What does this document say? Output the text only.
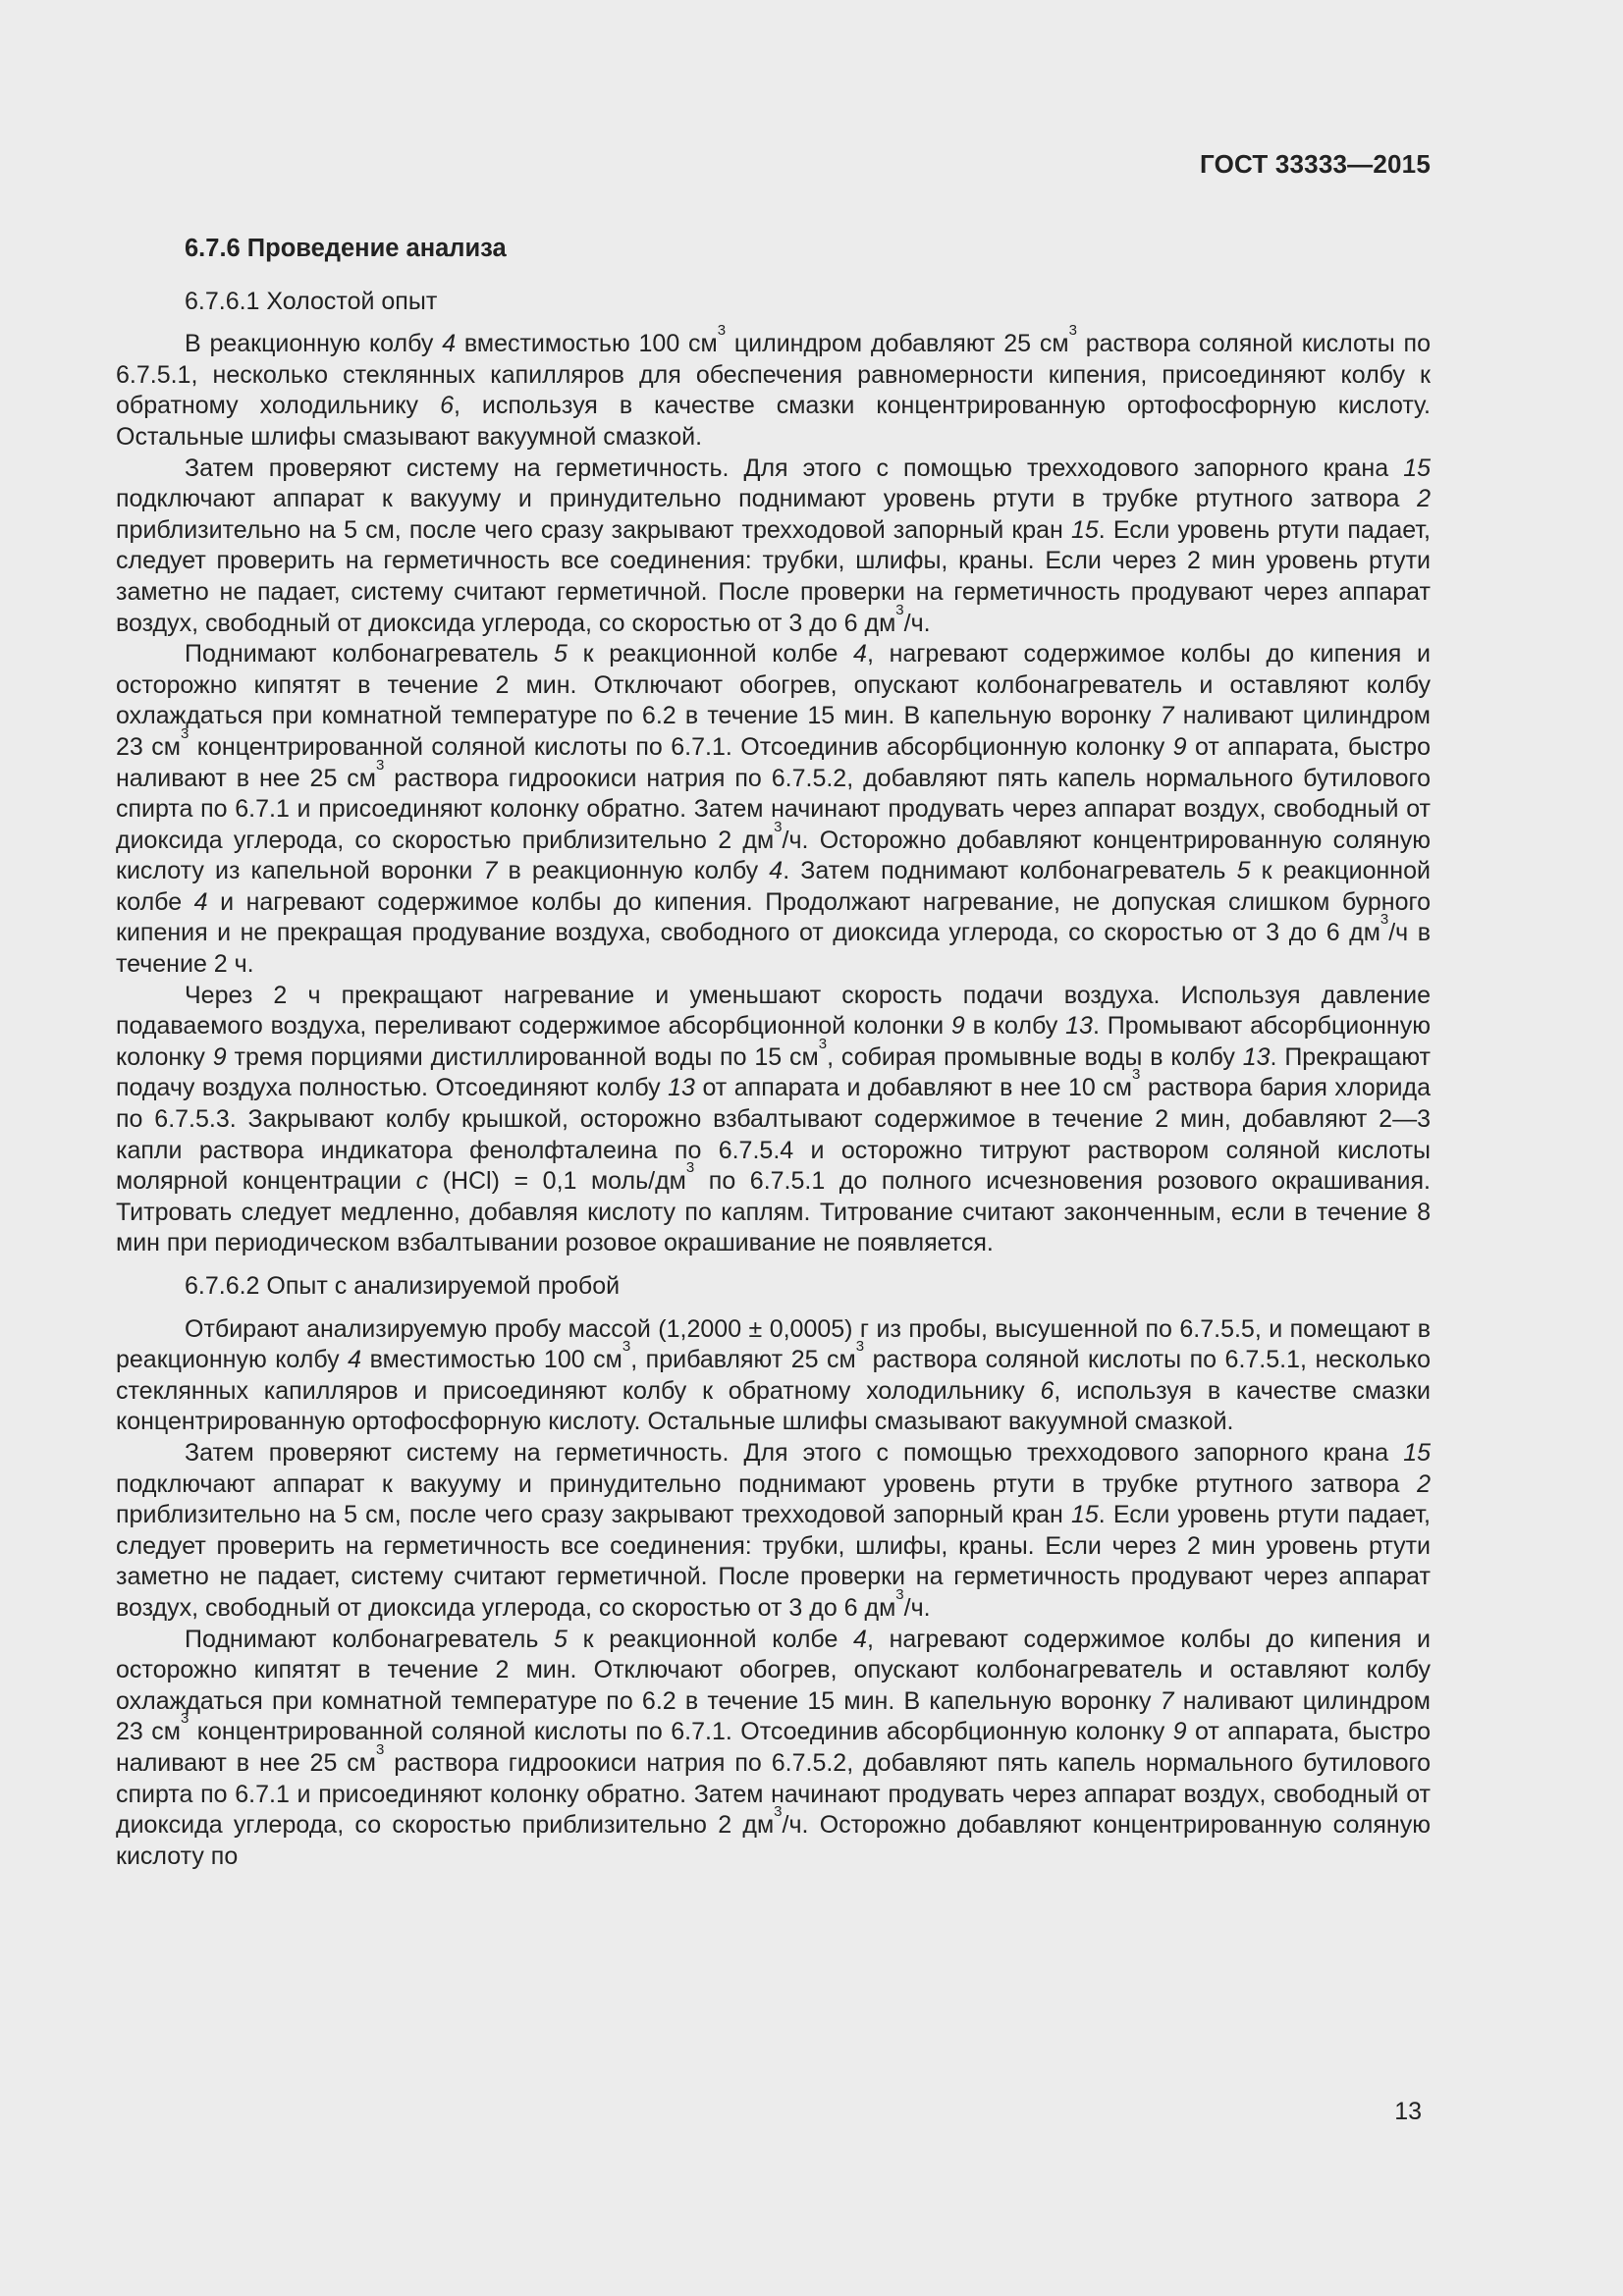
ГОСТ 33333—2015
6.7.6 Проведение анализа
6.7.6.1 Холостой опыт

В реакционную колбу 4 вместимостью 100 $см^3$ цилиндром добавляют 25 $см^3$ раствора соляной кислоты по 6.7.5.1, несколько стеклянных капилляров для обеспечения равномерности кипения, присоединяют колбу к обратному холодильнику 6, используя в качестве смазки концентрированную ортофосфорную кислоту. Остальные шлифы смазывают вакуумной смазкой.

Затем проверяют систему на герметичность. Для этого с помощью трехходового запорного крана 15 подключают аппарат к вакууму и принудительно поднимают уровень ртути в трубке ртутного затвора 2 приблизительно на 5 см, после чего сразу закрывают трехходовой запорный кран 15. Если уровень ртути падает, следует проверить на герметичность все соединения: трубки, шлифы, краны. Если через 2 мин уровень ртути заметно не падает, систему считают герметичной. После проверки на герметичность продувают через аппарат воздух, свободный от диоксида углерода, со скоростью от 3 до 6 $дм^3/ч$.

Поднимают колбонагреватель 5 к реакционной колбе 4, нагревают содержимое колбы до кипения и осторожно кипятят в течение 2 мин. Отключают обогрев, опускают колбонагреватель и оставляют колбу охлаждаться при комнатной температуре по 6.2 в течение 15 мин. В капельную воронку 7 наливают цилиндром 23 $см^3$ концентрированной соляной кислоты по 6.7.1. Отсоединив абсорбционную колонку 9 от аппарата, быстро наливают в нее 25 $см^3$ раствора гидроокиси натрия по 6.7.5.2, добавляют пять капель нормального бутилового спирта по 6.7.1 и присоединяют колонку обратно. Затем начинают продувать через аппарат воздух, свободный от диоксида углерода, со скоростью приблизительно 2 $дм^3/ч$. Осторожно добавляют концентрированную соляную кислоту из капельной воронки 7 в реакционную колбу 4. Затем поднимают колбонагреватель 5 к реакционной колбе 4 и нагревают содержимое колбы до кипения. Продолжают нагревание, не допуская слишком бурного кипения и не прекращая продувание воздуха, свободного от диоксида углерода, со скоростью от 3 до 6 $дм^3/ч$ в течение 2 ч.

Через 2 ч прекращают нагревание и уменьшают скорость подачи воздуха. Используя давление подаваемого воздуха, переливают содержимое абсорбционной колонки 9 в колбу 13. Промывают абсорбционную колонку 9 тремя порциями дистиллированной воды по 15 $см^3$, собирая промывные воды в колбу 13. Прекращают подачу воздуха полностью. Отсоединяют колбу 13 от аппарата и добавляют в нее 10 $см^3$ раствора бария хлорида по 6.7.5.3. Закрывают колбу крышкой, осторожно взбалтывают содержимое в течение 2 мин, добавляют 2—3 капли раствора индикатора фенолфталеина по 6.7.5.4 и осторожно титруют раствором соляной кислоты молярной концентрации c (HCl) = 0,1 моль/$дм^3$ по 6.7.5.1 до полного исчезновения розового окрашивания. Титровать следует медленно, добавляя кислоту по каплям. Титрование считают законченным, если в течение 8 мин при периодическом взбалтывании розовое окрашивание не появляется.

6.7.6.2 Опыт с анализируемой пробой

Отбирают анализируемую пробу массой (1,2000 ± 0,0005) г из пробы, высушенной по 6.7.5.5, и помещают в реакционную колбу 4 вместимостью 100 $см^3$, прибавляют 25 $см^3$ раствора соляной кислоты по 6.7.5.1, несколько стеклянных капилляров и присоединяют колбу к обратному холодильнику 6, используя в качестве смазки концентрированную ортофосфорную кислоту. Остальные шлифы смазывают вакуумной смазкой.

Затем проверяют систему на герметичность. Для этого с помощью трехходового запорного крана 15 подключают аппарат к вакууму и принудительно поднимают уровень ртути в трубке ртутного затвора 2 приблизительно на 5 см, после чего сразу закрывают трехходовой запорный кран 15. Если уровень ртути падает, следует проверить на герметичность все соединения: трубки, шлифы, краны. Если через 2 мин уровень ртути заметно не падает, систему считают герметичной. После проверки на герметичность продувают через аппарат воздух, свободный от диоксида углерода, со скоростью от 3 до 6 $дм^3/ч$.

Поднимают колбонагреватель 5 к реакционной колбе 4, нагревают содержимое колбы до кипения и осторожно кипятят в течение 2 мин. Отключают обогрев, опускают колбонагреватель и оставляют колбу охлаждаться при комнатной температуре по 6.2 в течение 15 мин. В капельную воронку 7 наливают цилиндром 23 $см^3$ концентрированной соляной кислоты по 6.7.1. Отсоединив абсорбционную колонку 9 от аппарата, быстро наливают в нее 25 $см^3$ раствора гидроокиси натрия по 6.7.5.2, добавляют пять капель нормального бутилового спирта по 6.7.1 и присоединяют колонку обратно. Затем начинают продувать через аппарат воздух, свободный от диоксида углерода, со скоростью приблизительно 2 $дм^3/ч$. Осторожно добавляют концентрированную соляную кислоту по

13
